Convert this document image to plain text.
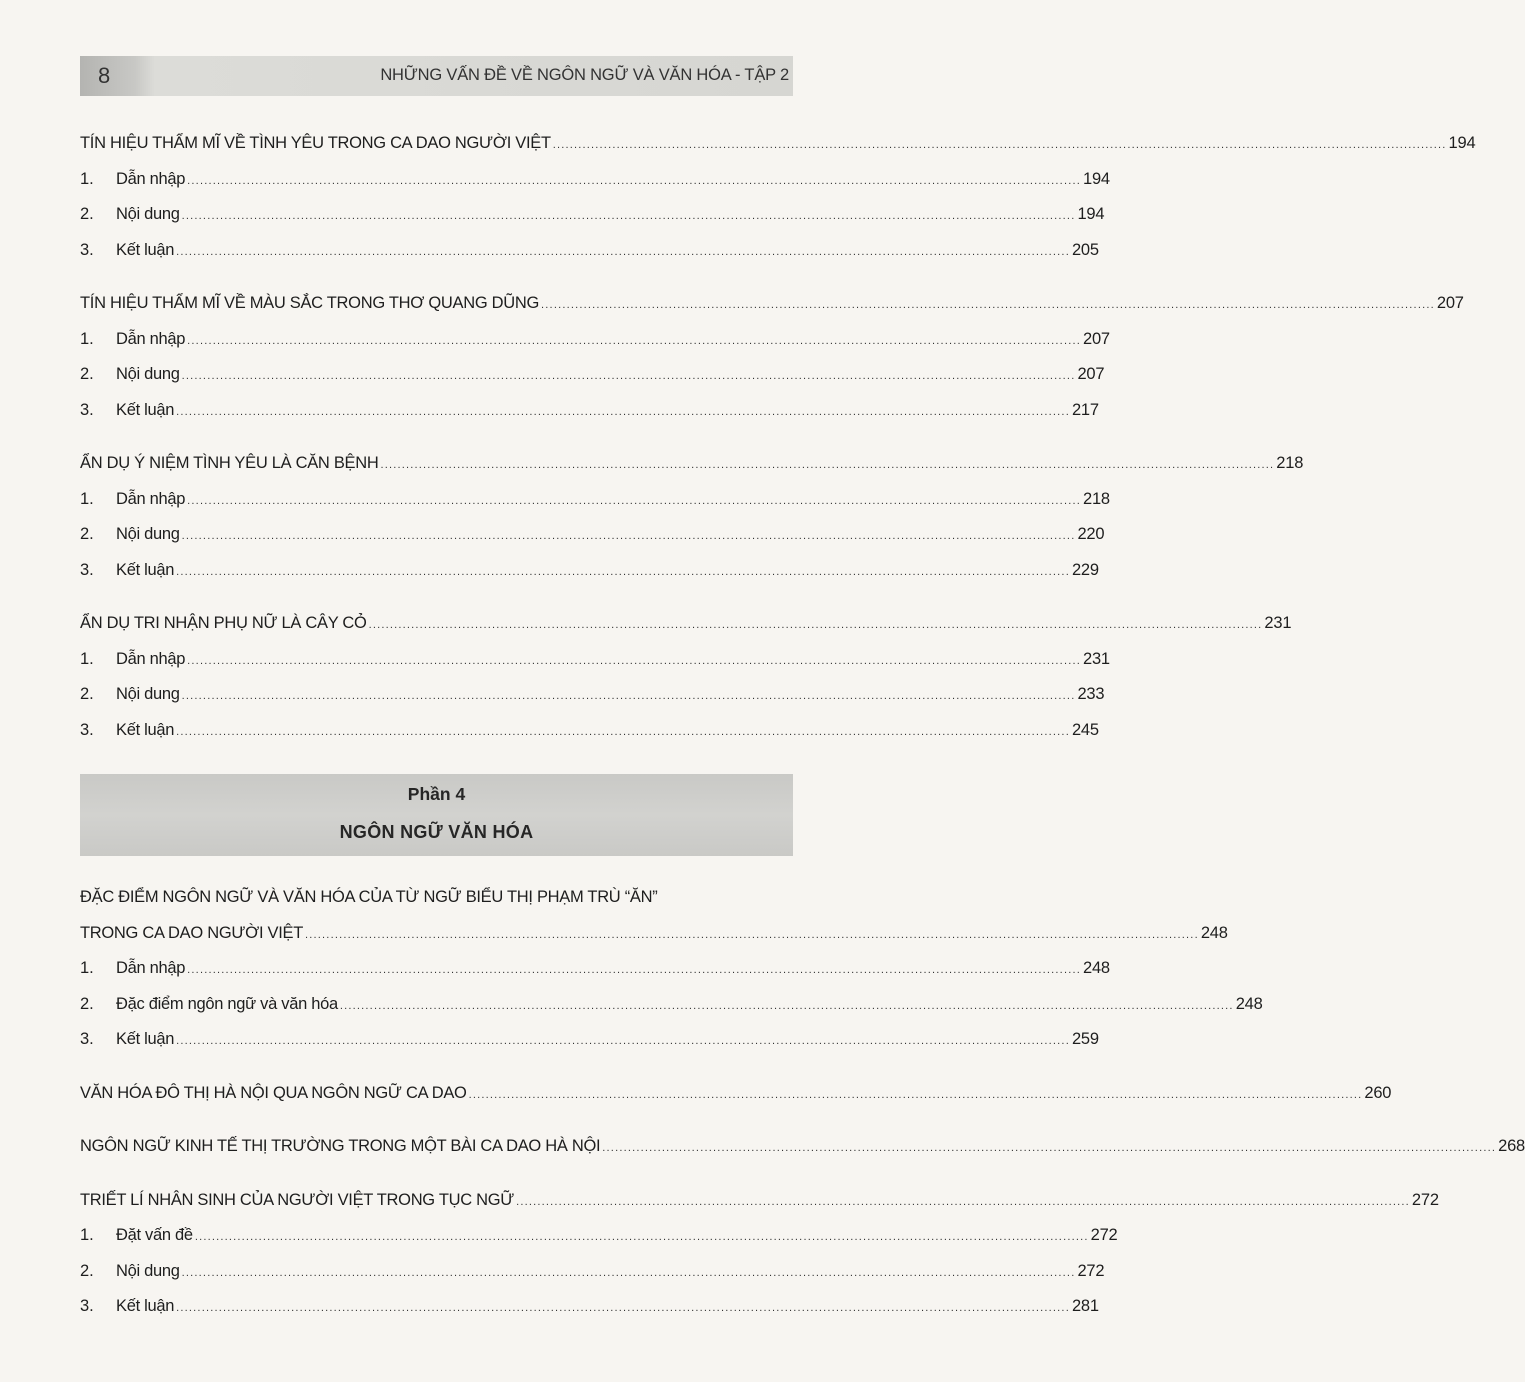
8	NHỮNG VẤN ĐỀ VỀ NGÔN NGỮ VÀ VĂN HÓA - TẬP 2
TÍN HIỆU THẨM MĨ VỀ TÌNH YÊU TRONG CA DAO NGƯỜI VIỆT .................................................................................................................................................................................................................. 194
1. Dẫn nhập .................................................................................................................................................................................................................. 194
2. Nội dung .................................................................................................................................................................................................................. 194
3. Kết luận .................................................................................................................................................................................................................. 205
TÍN HIỆU THẨM MĨ VỀ MÀU SẮC TRONG THƠ QUANG DŨNG .................................................................................................................................................................................................................. 207
1. Dẫn nhập .................................................................................................................................................................................................................. 207
2. Nội dung .................................................................................................................................................................................................................. 207
3. Kết luận .................................................................................................................................................................................................................. 217
ẨN DỤ Ý NIỆM TÌNH YÊU LÀ CĂN BỆNH .................................................................................................................................................................................................................. 218
1. Dẫn nhập .................................................................................................................................................................................................................. 218
2. Nội dung .................................................................................................................................................................................................................. 220
3. Kết luận .................................................................................................................................................................................................................. 229
ẨN DỤ TRI NHẬN PHỤ NỮ LÀ CÂY CỎ .................................................................................................................................................................................................................. 231
1. Dẫn nhập .................................................................................................................................................................................................................. 231
2. Nội dung .................................................................................................................................................................................................................. 233
3. Kết luận .................................................................................................................................................................................................................. 245
Phần 4
NGÔN NGỮ VĂN HÓA
ĐẶC ĐIỂM NGÔN NGỮ VÀ VĂN HÓA CỦA TỪ NGỮ BIỂU THỊ PHẠM TRÙ “ĂN”
TRONG CA DAO NGƯỜI VIỆT .................................................................................................................................................................................................................. 248
1. Dẫn nhập .................................................................................................................................................................................................................. 248
2. Đặc điểm ngôn ngữ và văn hóa .................................................................................................................................................................................................................. 248
3. Kết luận .................................................................................................................................................................................................................. 259
VĂN HÓA ĐÔ THỊ HÀ NỘI QUA NGÔN NGỮ CA DAO .................................................................................................................................................................................................................. 260
NGÔN NGỮ KINH TẾ THỊ TRƯỜNG TRONG MỘT BÀI CA DAO HÀ NỘI .................................................................................................................................................................................................................. 268
TRIẾT LÍ NHÂN SINH CỦA NGƯỜI VIỆT TRONG TỤC NGỮ .................................................................................................................................................................................................................. 272
1. Đặt vấn đề .................................................................................................................................................................................................................. 272
2. Nội dung .................................................................................................................................................................................................................. 272
3. Kết luận .................................................................................................................................................................................................................. 281
